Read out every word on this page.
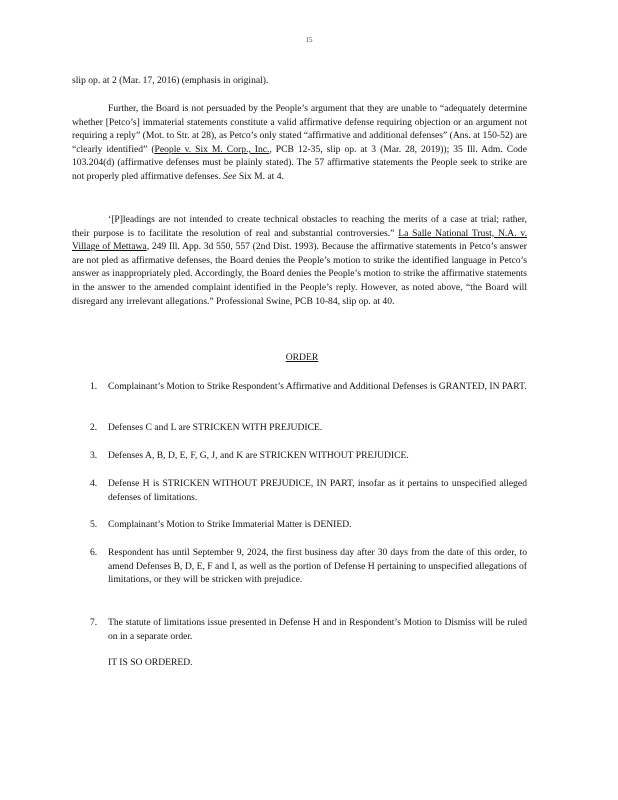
15
slip op. at 2 (Mar. 17, 2016) (emphasis in original).
Further, the Board is not persuaded by the People’s argument that they are unable to “adequately determine whether [Petco’s] immaterial statements constitute a valid affirmative defense requiring objection or an argument not requiring a reply” (Mot. to Str. at 28), as Petco’s only stated “affirmative and additional defenses” (Ans. at 150-52) are “clearly identified” (People v. Six M. Corp., Inc., PCB 12-35, slip op. at 3 (Mar. 28, 2019)); 35 Ill. Adm. Code 103.204(d) (affirmative defenses must be plainly stated). The 57 affirmative statements the People seek to strike are not properly pled affirmative defenses. See Six M. at 4.
‘[P]leadings are not intended to create technical obstacles to reaching the merits of a case at trial; rather, their purpose is to facilitate the resolution of real and substantial controversies.” La Salle National Trust, N.A. v. Village of Mettawa, 249 Ill. App. 3d 550, 557 (2nd Dist. 1993). Because the affirmative statements in Petco’s answer are not pled as affirmative defenses, the Board denies the People’s motion to strike the identified language in Petco’s answer as inappropriately pled. Accordingly, the Board denies the People’s motion to strike the affirmative statements in the answer to the amended complaint identified in the People’s reply. However, as noted above, “the Board will disregard any irrelevant allegations.” Professional Swine, PCB 10-84, slip op. at 40.
ORDER
1. Complainant’s Motion to Strike Respondent’s Affirmative and Additional Defenses is GRANTED, IN PART.
2. Defenses C and L are STRICKEN WITH PREJUDICE.
3. Defenses A, B, D, E, F, G, J, and K are STRICKEN WITHOUT PREJUDICE.
4. Defense H is STRICKEN WITHOUT PREJUDICE, IN PART, insofar as it pertains to unspecified alleged defenses of limitations.
5. Complainant’s Motion to Strike Immaterial Matter is DENIED.
6. Respondent has until September 9, 2024, the first business day after 30 days from the date of this order, to amend Defenses B, D, E, F and I, as well as the portion of Defense H pertaining to unspecified allegations of limitations, or they will be stricken with prejudice.
7. The statute of limitations issue presented in Defense H and in Respondent’s Motion to Dismiss will be ruled on in a separate order.
IT IS SO ORDERED.
